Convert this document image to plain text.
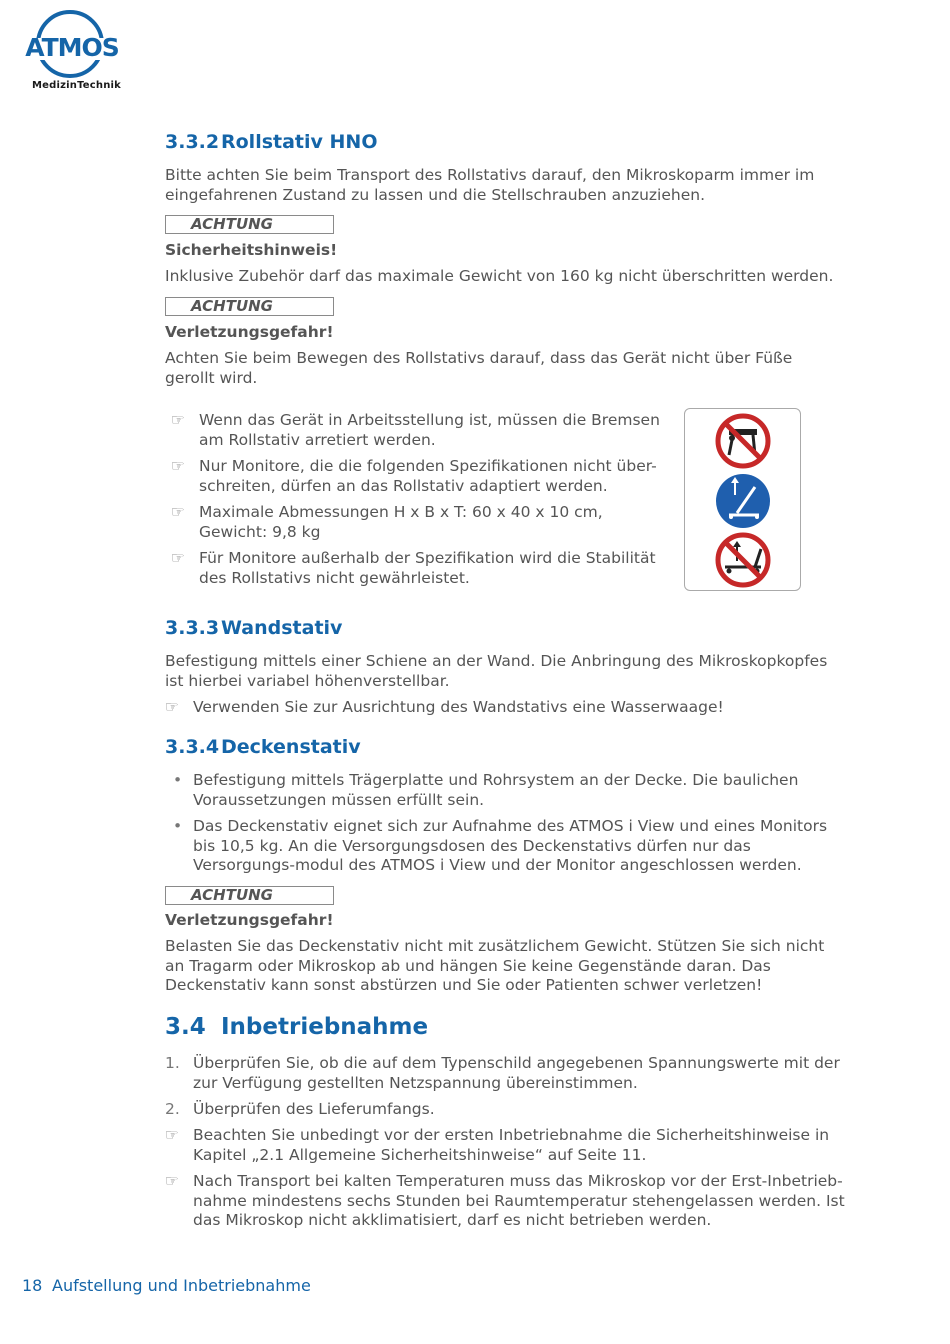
ATMOS
MedizinTechnik
3.3.2Rollstativ HNO

Bitte achten Sie beim Transport des Rollstativs darauf, den Mikroskoparm immer im eingefahrenen Zustand zu lassen und die Stellschrauben anzuziehen.

ACHTUNG
Sicherheitshinweis!

Inklusive Zubehör darf das maximale Gewicht von 160 kg nicht überschritten werden.

ACHTUNG
Verletzungsgefahr!

Achten Sie beim Bewegen des Rollstativs darauf, dass das Gerät nicht über Füße gerollt wird.

☞ Wenn das Gerät in Arbeitsstellung ist, müssen die Bremsen am Rollstativ arretiert werden.
☞ Nur Monitore, die die folgenden Spezifikationen nicht über-schreiten, dürfen an das Rollstativ adaptiert werden.
☞ Maximale Abmessungen H x B x T: 60 x 40 x 10 cm, Gewicht: 9,8 kg
☞ Für Monitore außerhalb der Spezifikation wird die Stabilität des Rollstativs nicht gewährleistet.
3.3.3Wandstativ

Befestigung mittels einer Schiene an der Wand. Die Anbringung des Mikroskopkopfes ist hierbei variabel höhenverstellbar.

☞ Verwenden Sie zur Ausrichtung des Wandstativs eine Wasserwaage!
3.3.4Deckenstativ
• Befestigung mittels Trägerplatte und Rohrsystem an der Decke. Die baulichen Voraussetzungen müssen erfüllt sein.
• Das Deckenstativ eignet sich zur Aufnahme des ATMOS i View und eines Monitors bis 10,5 kg. An die Versorgungsdosen des Deckenstativs dürfen nur das Versorgungs-modul des ATMOS i View und der Monitor angeschlossen werden.
ACHTUNG
Verletzungsgefahr!

Belasten Sie das Deckenstativ nicht mit zusätzlichem Gewicht. Stützen Sie sich nicht an Tragarm oder Mikroskop ab und hängen Sie keine Gegenstände daran. Das Deckenstativ kann sonst abstürzen und Sie oder Patienten schwer verletzen!

3.4 Inbetriebnahme
1. Überprüfen Sie, ob die auf dem Typenschild angegebenen Spannungswerte mit der zur Verfügung gestellten Netzspannung übereinstimmen.
2. Überprüfen des Lieferumfangs.
☞ Beachten Sie unbedingt vor der ersten Inbetriebnahme die Sicherheitshinweise in Kapitel „2.1 Allgemeine Sicherheitshinweise“ auf Seite 11.
☞ Nach Transport bei kalten Temperaturen muss das Mikroskop vor der Erst-Inbetrieb-nahme mindestens sechs Stunden bei Raumtemperatur stehengelassen werden. Ist das Mikroskop nicht akklimatisiert, darf es nicht betrieben werden.
18 Aufstellung und Inbetriebnahme
